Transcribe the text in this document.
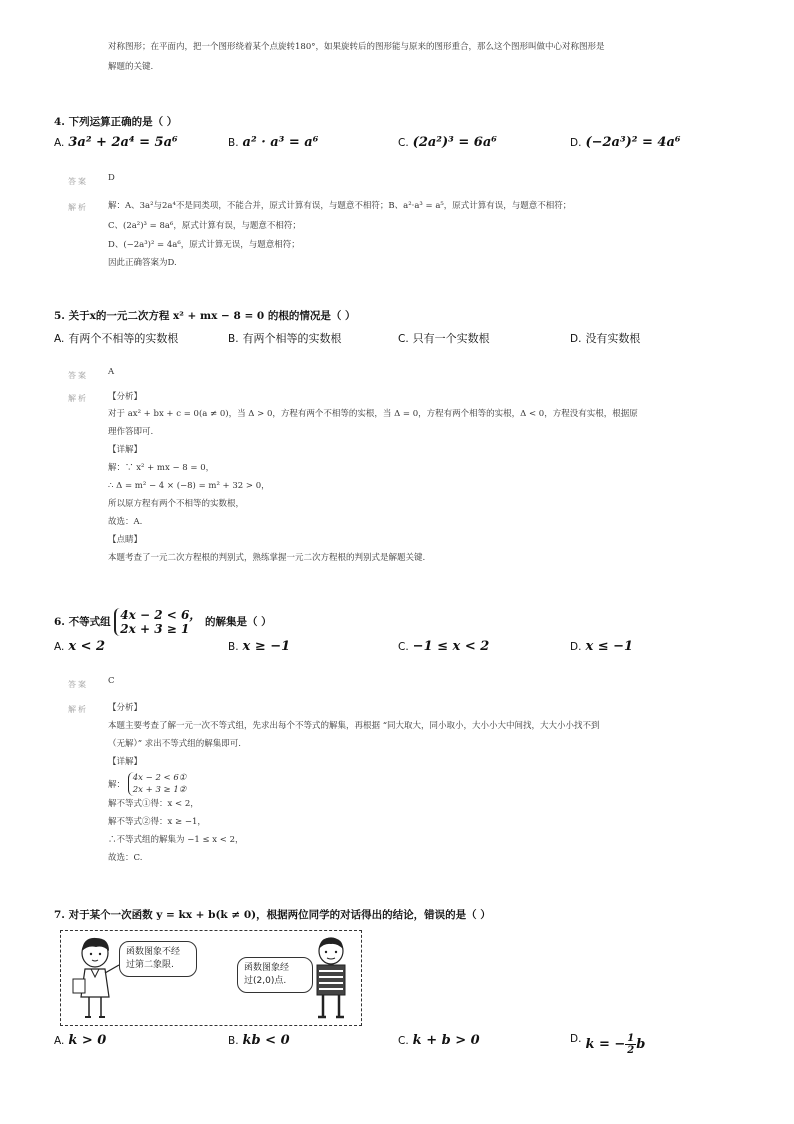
对称图形；在平面内，把一个图形绕着某个点旋转180°，如果旋转后的图形能与原来的图形重合，那么这个图形叫做中心对称图形是
解题的关键.
4. 下列运算正确的是（ ）
A. 3a² + 2a⁴ = 5a⁶	B. a² · a³ = a⁶	C. (2a²)³ = 6a⁶	D. (−2a³)² = 4a⁶
答案 D
解析 解：A、3a²与2a⁴不是同类项，不能合并，原式计算有误，与题意不相符；B、a²·a³ = a⁵，原式计算有误，与题意不相符；
C、(2a²)³ = 8a⁶，原式计算有误，与题意不相符；
D、(−2a³)² = 4a⁶，原式计算无误，与题意相符；
因此正确答案为D.
5. 关于x的一元二次方程 x² + mx − 8 = 0 的根的情况是（ ）
A. 有两个不相等的实数根	B. 有两个相等的实数根	C. 只有一个实数根	D. 没有实数根
答案 A
解析 【分析】
对于 ax² + bx + c = 0(a ≠ 0)，当 Δ > 0，方程有两个不相等的实根，当 Δ = 0，方程有两个相等的实根，Δ < 0，方程没有实根，根据原
理作答即可.
【详解】
解：∵ x² + mx − 8 = 0，
∴ Δ = m² − 4 × (−8) = m² + 32 > 0，
所以原方程有两个不相等的实数根，
故选：A.
【点睛】
本题考查了一元二次方程根的判别式，熟练掌握一元二次方程根的判别式是解题关键.
6. 不等式组 4x − 2 < 6，
2x + 3 ≥ 1	的解集是（ ）
A. x < 2	B. x ≥ −1	C. −1 ≤ x < 2	D. x ≤ −1
答案 C
解析 【分析】
本题主要考查了解一元一次不等式组，先求出每个不等式的解集，再根据 “同大取大，同小取小，大小小大中间找，大大小小找不到
（无解）” 求出不等式组的解集即可.
【详解】
解：
4x − 2 < 6①
2x + 3 ≥ 1②
解不等式①得：x < 2，
解不等式②得：x ≥ −1，
∴不等式组的解集为 −1 ≤ x < 2，
故选：C.
7. 对于某个一次函数 y = kx + b(k ≠ 0)，根据两位同学的对话得出的结论，错误的是（ ）
函数图象不经
过第二象限.	函数图象经
过(2,0)点.
A. k > 0	B. kb < 0	C. k + b > 0	D. k = − $\frac{1}{2}$ b
